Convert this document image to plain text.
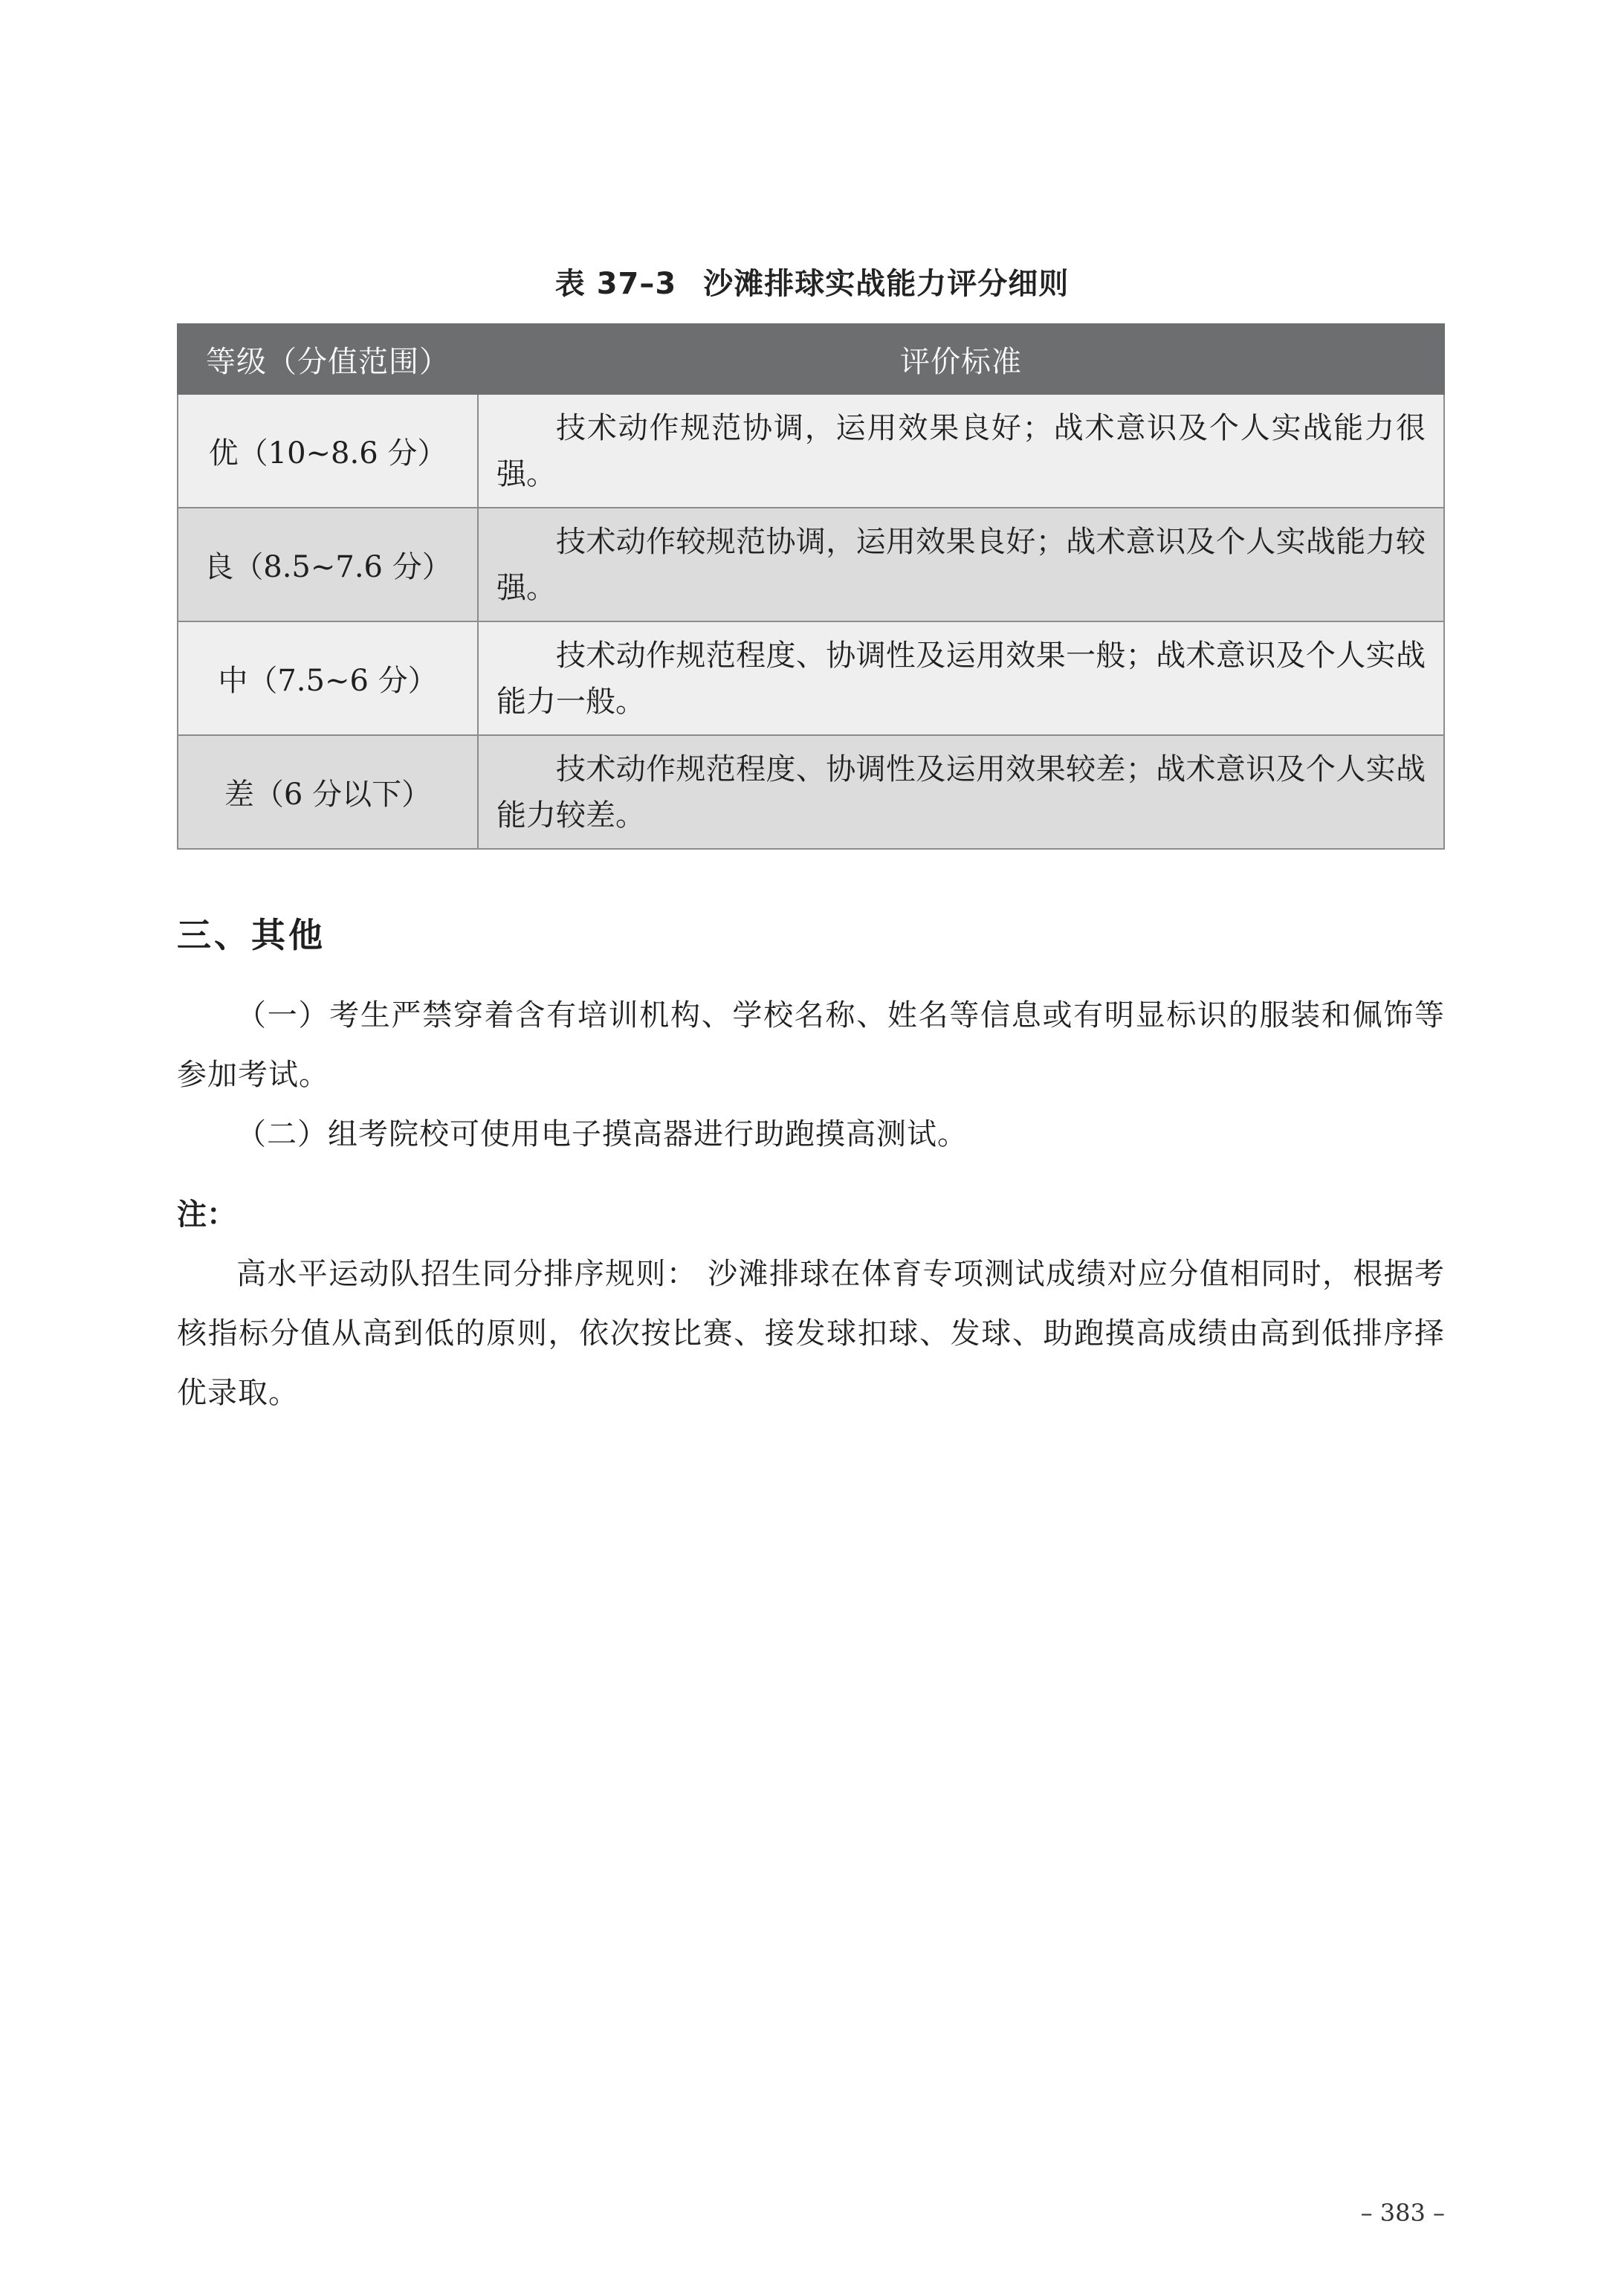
表 37–3 沙滩排球实战能力评分细则
等级（分值范围）	评价标准
优（10~8.6 分）	技术动作规范协调，运用效果良好；战术意识及个人实战能力很强。
良（8.5~7.6 分）	技术动作较规范协调，运用效果良好；战术意识及个人实战能力较强。
中（7.5~6 分）	技术动作规范程度、协调性及运用效果一般；战术意识及个人实战能力一般。
差（6 分以下）	技术动作规范程度、协调性及运用效果较差；战术意识及个人实战能力较差。
三、其他

（一）考生严禁穿着含有培训机构、学校名称、姓名等信息或有明显标识的服装和佩饰等参加考试。

（二）组考院校可使用电子摸高器进行助跑摸高测试。

注：

高水平运动队招生同分排序规则： 沙滩排球在体育专项测试成绩对应分值相同时，根据考核指标分值从高到低的原则，依次按比赛、接发球扣球、发球、助跑摸高成绩由高到低排序择优录取。

– 383 –
